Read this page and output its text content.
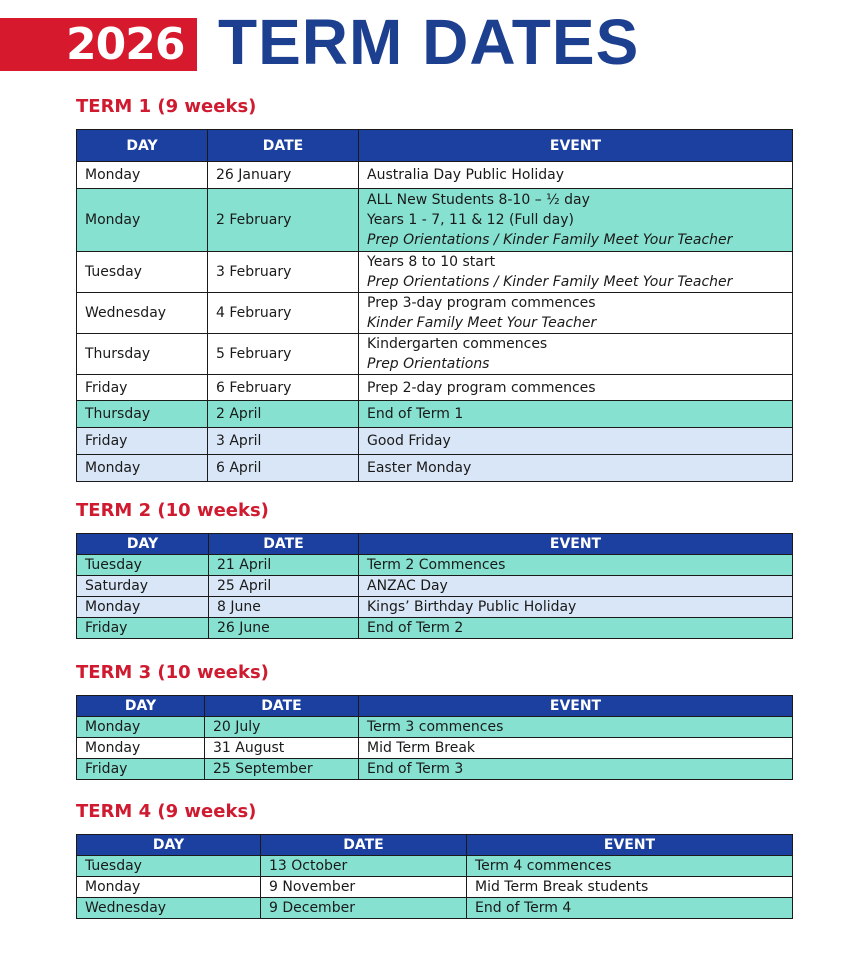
2026 TERM DATES
TERM 1 (9 weeks)
DAY	DATE	EVENT
Monday	26 January	Australia Day Public Holiday

Monday	2 February	ALL New Students 8-10 – ½ day
Years 1 - 7, 11 & 12 (Full day)
Prep Orientations / Kinder Family Meet Your Teacher

Tuesday	3 February	Years 8 to 10 start
Prep Orientations / Kinder Family Meet Your Teacher

Wednesday	4 February	Prep 3-day program commences
Kinder Family Meet Your Teacher

Thursday	5 February	Kindergarten commences
Prep Orientations

Friday	6 February	Prep 2-day program commences

Thursday	2 April	End of Term 1

Friday	3 April	Good Friday

Monday	6 April	Easter Monday
TERM 2 (10 weeks)
DAY	DATE	EVENT
Tuesday	21 April	Term 2 Commences

Saturday	25 April	ANZAC Day

Monday	8 June	Kings’ Birthday Public Holiday

Friday	26 June	End of Term 2
TERM 3 (10 weeks)
DAY	DATE	EVENT
Monday	20 July	Term 3 commences

Monday	31 August	Mid Term Break

Friday	25 September	End of Term 3
TERM 4 (9 weeks)
DAY	DATE	EVENT
Tuesday	13 October	Term 4 commences

Monday	9 November	Mid Term Break students

Wednesday	9 December	End of Term 4
